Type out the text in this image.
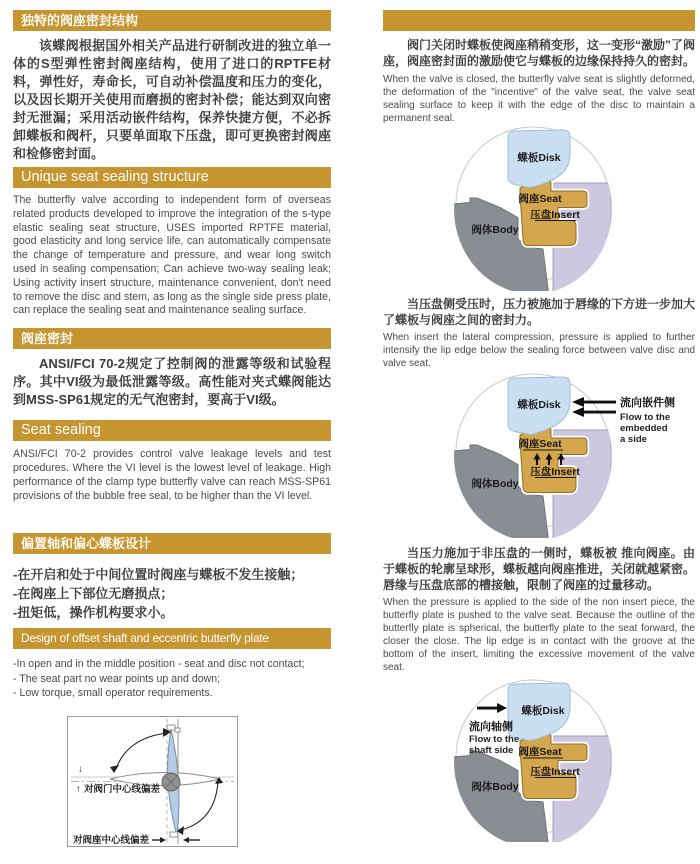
独特的阀座密封结构

该蝶阀根据国外相关产品进行研制改进的独立单一体的S型弹性密封阀座结构，使用了进口的RPTFE材料，弹性好，寿命长，可自动补偿温度和压力的变化，以及因长期开关使用而磨损的密封补偿；能达到双向密封无泄漏；采用活动嵌件结构，保养快捷方便，不必拆卸蝶板和阀杆，只要单面取下压盘，即可更换密封阀座和检修密封面。

Unique seat sealing structure

The butterfly valve according to independent form of overseas related products developed to improve the integration of the s-type elastic sealing seat structure, USES imported RPTFE material, good elasticity and long service life, can automatically compensate the change of temperature and pressure, and wear long switch used in sealing compensation; Can achieve two-way sealing leak; Using activity insert structure, maintenance convenient, don't need to remove the disc and stem, as long as the single side press plate, can replace the sealing seat and maintenance sealing surface.

阀座密封

ANSI/FCI 70-2规定了控制阀的泄露等级和试验程序。其中VI级为最低泄露等级。高性能对夹式蝶阀能达到MSS-SP61规定的无气泡密封，要高于VI级。

Seat sealing

ANSI/FCI 70-2 provides control valve leakage levels and test procedures. Where the VI level is the lowest level of leakage. High performance of the clamp type butterfly valve can reach MSS-SP61 provisions of the bubble free seal, to be higher than the VI level.

偏置轴和偏心蝶板设计
-在开启和处于中间位置时阀座与蝶板不发生接触；
-在阀座上下部位无磨损点；
-扭矩低，操作机构要求小。
Design of offset shaft and eccentric butterfly plate
-In open and in the middle position - seat and disc not contact;
- The seat part no wear points up and down;
- Low torque, small operator requirements.
↓
↑ 对阀门中心线偏差
对阀座中心线偏差

阀门关闭时蝶板使阀座稍稍变形，这一变形“激励”了阀座，阀座密封面的激励使它与蝶板的边缘保持持久的密封。

When the valve is closed, the butterfly valve seat is slightly deformed, the deformation of the "incentive" of the valve seat, the valve seat sealing surface to keep it with the edge of the disc to maintain a permanent seal.

蝶板Disk
阀座Seat
压盘Insert
阀体Body

当压盘侧受压时，压力被施加于唇缘的下方进一步加大了蝶板与阀座之间的密封力。

When insert the lateral compression, pressure is applied to further intensify the lip edge below the sealing force between valve disc and valve seat.

流向嵌件侧
Flow to the
embedded
a side
阀座Seat
压盘Insert
阀体Body
蝶板Disk

当压力施加于非压盘的一侧时，蝶板被 推向阀座。由于蝶板的轮廓呈球形，蝶板越向阀座推进，关闭就越紧密。唇缘与压盘底部的槽接触，限制了阀座的过量移动。

When the pressure is applied to the side of the non insert piece, the butterfly plate is pushed to the valve seat. Because the outline of the butterfly plate is spherical, the butterfly plate to the seat forward, the closer the close. The lip edge is in contact with the groove at the bottom of the insert, limiting the excessive movement of the valve seat.

流向轴侧
Flow to the
shaft side
蝶板Disk
阀座Seat
压盘Insert
阀体Body
